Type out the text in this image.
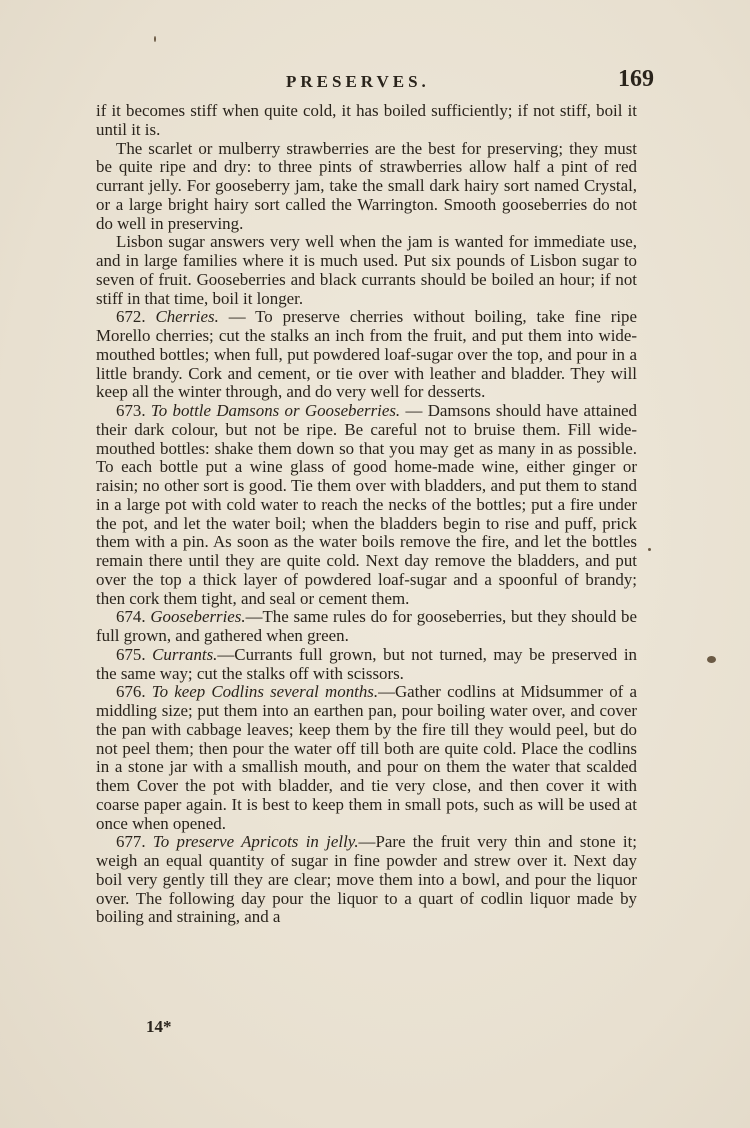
PRESERVES.	169

if it becomes stiff when quite cold, it has boiled sufficiently; if not stiff, boil it until it is.

The scarlet or mulberry strawberries are the best for preserving; they must be quite ripe and dry: to three pints of strawberries allow half a pint of red currant jelly. For gooseberry jam, take the small dark hairy sort named Crystal, or a large bright hairy sort called the Warrington. Smooth gooseberries do not do well in preserving.

Lisbon sugar answers very well when the jam is wanted for immediate use, and in large families where it is much used. Put six pounds of Lisbon sugar to seven of fruit. Gooseberries and black currants should be boiled an hour; if not stiff in that time, boil it longer.

672. Cherries. — To preserve cherries without boiling, take fine ripe Morello cherries; cut the stalks an inch from the fruit, and put them into wide-mouthed bottles; when full, put powdered loaf-sugar over the top, and pour in a little brandy. Cork and cement, or tie over with leather and bladder. They will keep all the winter through, and do very well for desserts.

673. To bottle Damsons or Gooseberries. — Damsons should have attained their dark colour, but not be ripe. Be careful not to bruise them. Fill wide-mouthed bottles: shake them down so that you may get as many in as possible. To each bottle put a wine glass of good home-made wine, either ginger or raisin; no other sort is good. Tie them over with bladders, and put them to stand in a large pot with cold water to reach the necks of the bottles; put a fire under the pot, and let the water boil; when the bladders begin to rise and puff, prick them with a pin. As soon as the water boils remove the fire, and let the bottles remain there until they are quite cold. Next day remove the bladders, and put over the top a thick layer of powdered loaf-sugar and a spoonful of brandy; then cork them tight, and seal or cement them.

674. Gooseberries.—The same rules do for gooseberries, but they should be full grown, and gathered when green.

675. Currants.—Currants full grown, but not turned, may be preserved in the same way; cut the stalks off with scissors.

676. To keep Codlins several months.—Gather codlins at Midsummer of a middling size; put them into an earthen pan, pour boiling water over, and cover the pan with cabbage leaves; keep them by the fire till they would peel, but do not peel them; then pour the water off till both are quite cold. Place the codlins in a stone jar with a smallish mouth, and pour on them the water that scalded them Cover the pot with bladder, and tie very close, and then cover it with coarse paper again. It is best to keep them in small pots, such as will be used at once when opened.

677. To preserve Apricots in jelly.—Pare the fruit very thin and stone it; weigh an equal quantity of sugar in fine powder and strew over it. Next day boil very gently till they are clear; move them into a bowl, and pour the liquor over. The following day pour the liquor to a quart of codlin liquor made by boiling and straining, and a

14*
